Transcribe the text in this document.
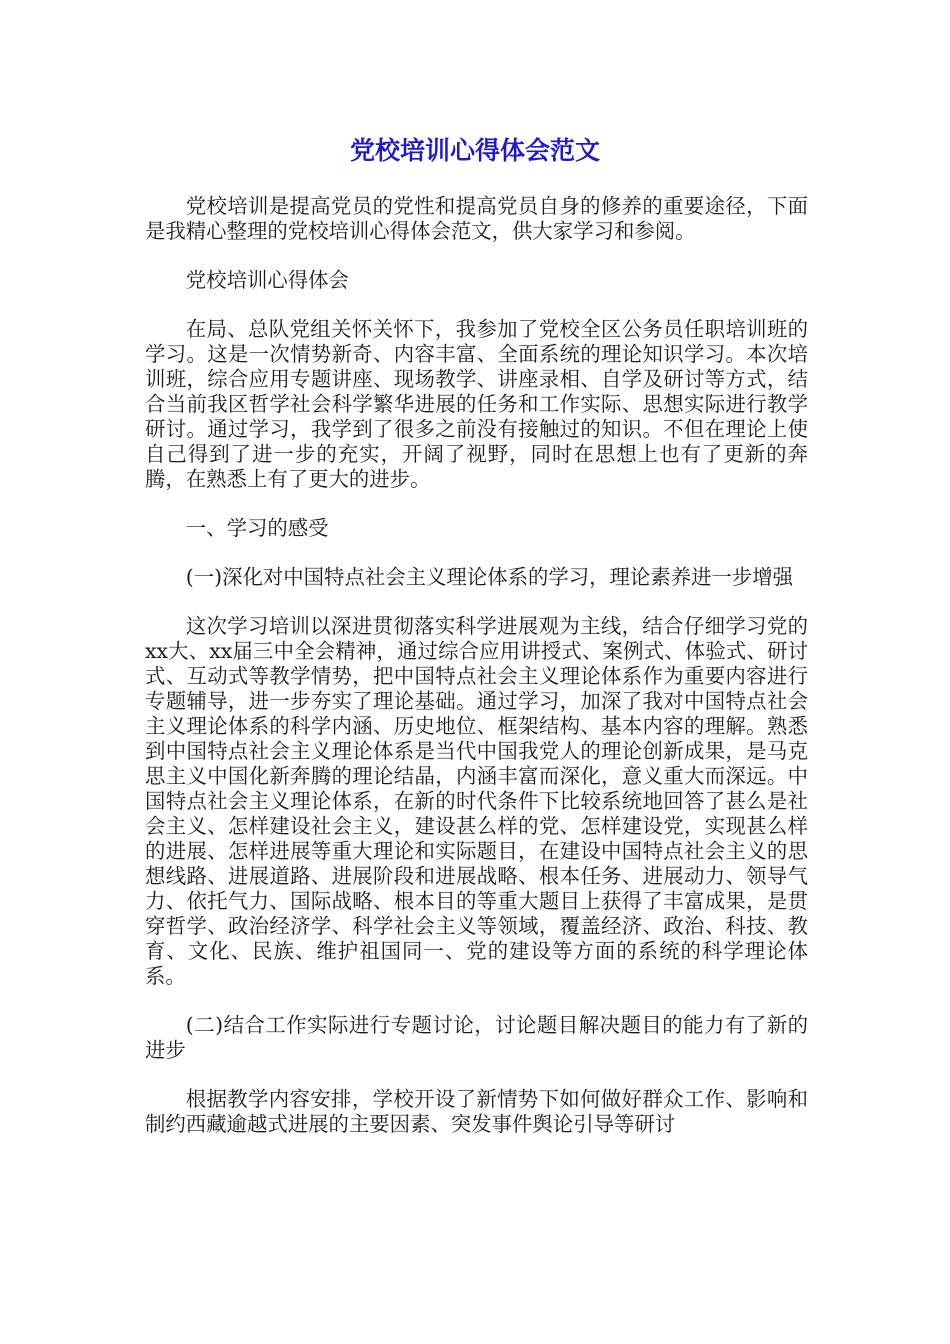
党校培训心得体会范文

党校培训是提高党员的党性和提高党员自身的修养的重要途径，下面是我精心整理的党校培训心得体会范文，供大家学习和参阅。

党校培训心得体会

在局、总队党组关怀关怀下，我参加了党校全区公务员任职培训班的学习。这是一次情势新奇、内容丰富、全面系统的理论知识学习。本次培训班，综合应用专题讲座、现场教学、讲座录相、自学及研讨等方式，结合当前我区哲学社会科学繁华进展的任务和工作实际、思想实际进行教学研讨。通过学习，我学到了很多之前没有接触过的知识。不但在理论上使自己得到了进一步的充实，开阔了视野，同时在思想上也有了更新的奔腾，在熟悉上有了更大的进步。

一、学习的感受

(一)深化对中国特点社会主义理论体系的学习，理论素养进一步增强

这次学习培训以深进贯彻落实科学进展观为主线，结合仔细学习党的xx大、xx届三中全会精神，通过综合应用讲授式、案例式、体验式、研讨式、互动式等教学情势，把中国特点社会主义理论体系作为重要内容进行专题辅导，进一步夯实了理论基础。通过学习，加深了我对中国特点社会主义理论体系的科学内涵、历史地位、框架结构、基本内容的理解。熟悉到中国特点社会主义理论体系是当代中国我党人的理论创新成果，是马克思主义中国化新奔腾的理论结晶，内涵丰富而深化，意义重大而深远。中国特点社会主义理论体系，在新的时代条件下比较系统地回答了甚么是社会主义、怎样建设社会主义，建设甚么样的党、怎样建设党，实现甚么样的进展、怎样进展等重大理论和实际题目，在建设中国特点社会主义的思想线路、进展道路、进展阶段和进展战略、根本任务、进展动力、领导气力、依托气力、国际战略、根本目的等重大题目上获得了丰富成果，是贯穿哲学、政治经济学、科学社会主义等领域，覆盖经济、政治、科技、教育、文化、民族、维护祖国同一、党的建设等方面的系统的科学理论体系。

(二)结合工作实际进行专题讨论，讨论题目解决题目的能力有了新的进步

根据教学内容安排，学校开设了新情势下如何做好群众工作、影响和制约西藏逾越式进展的主要因素、突发事件舆论引导等研讨
